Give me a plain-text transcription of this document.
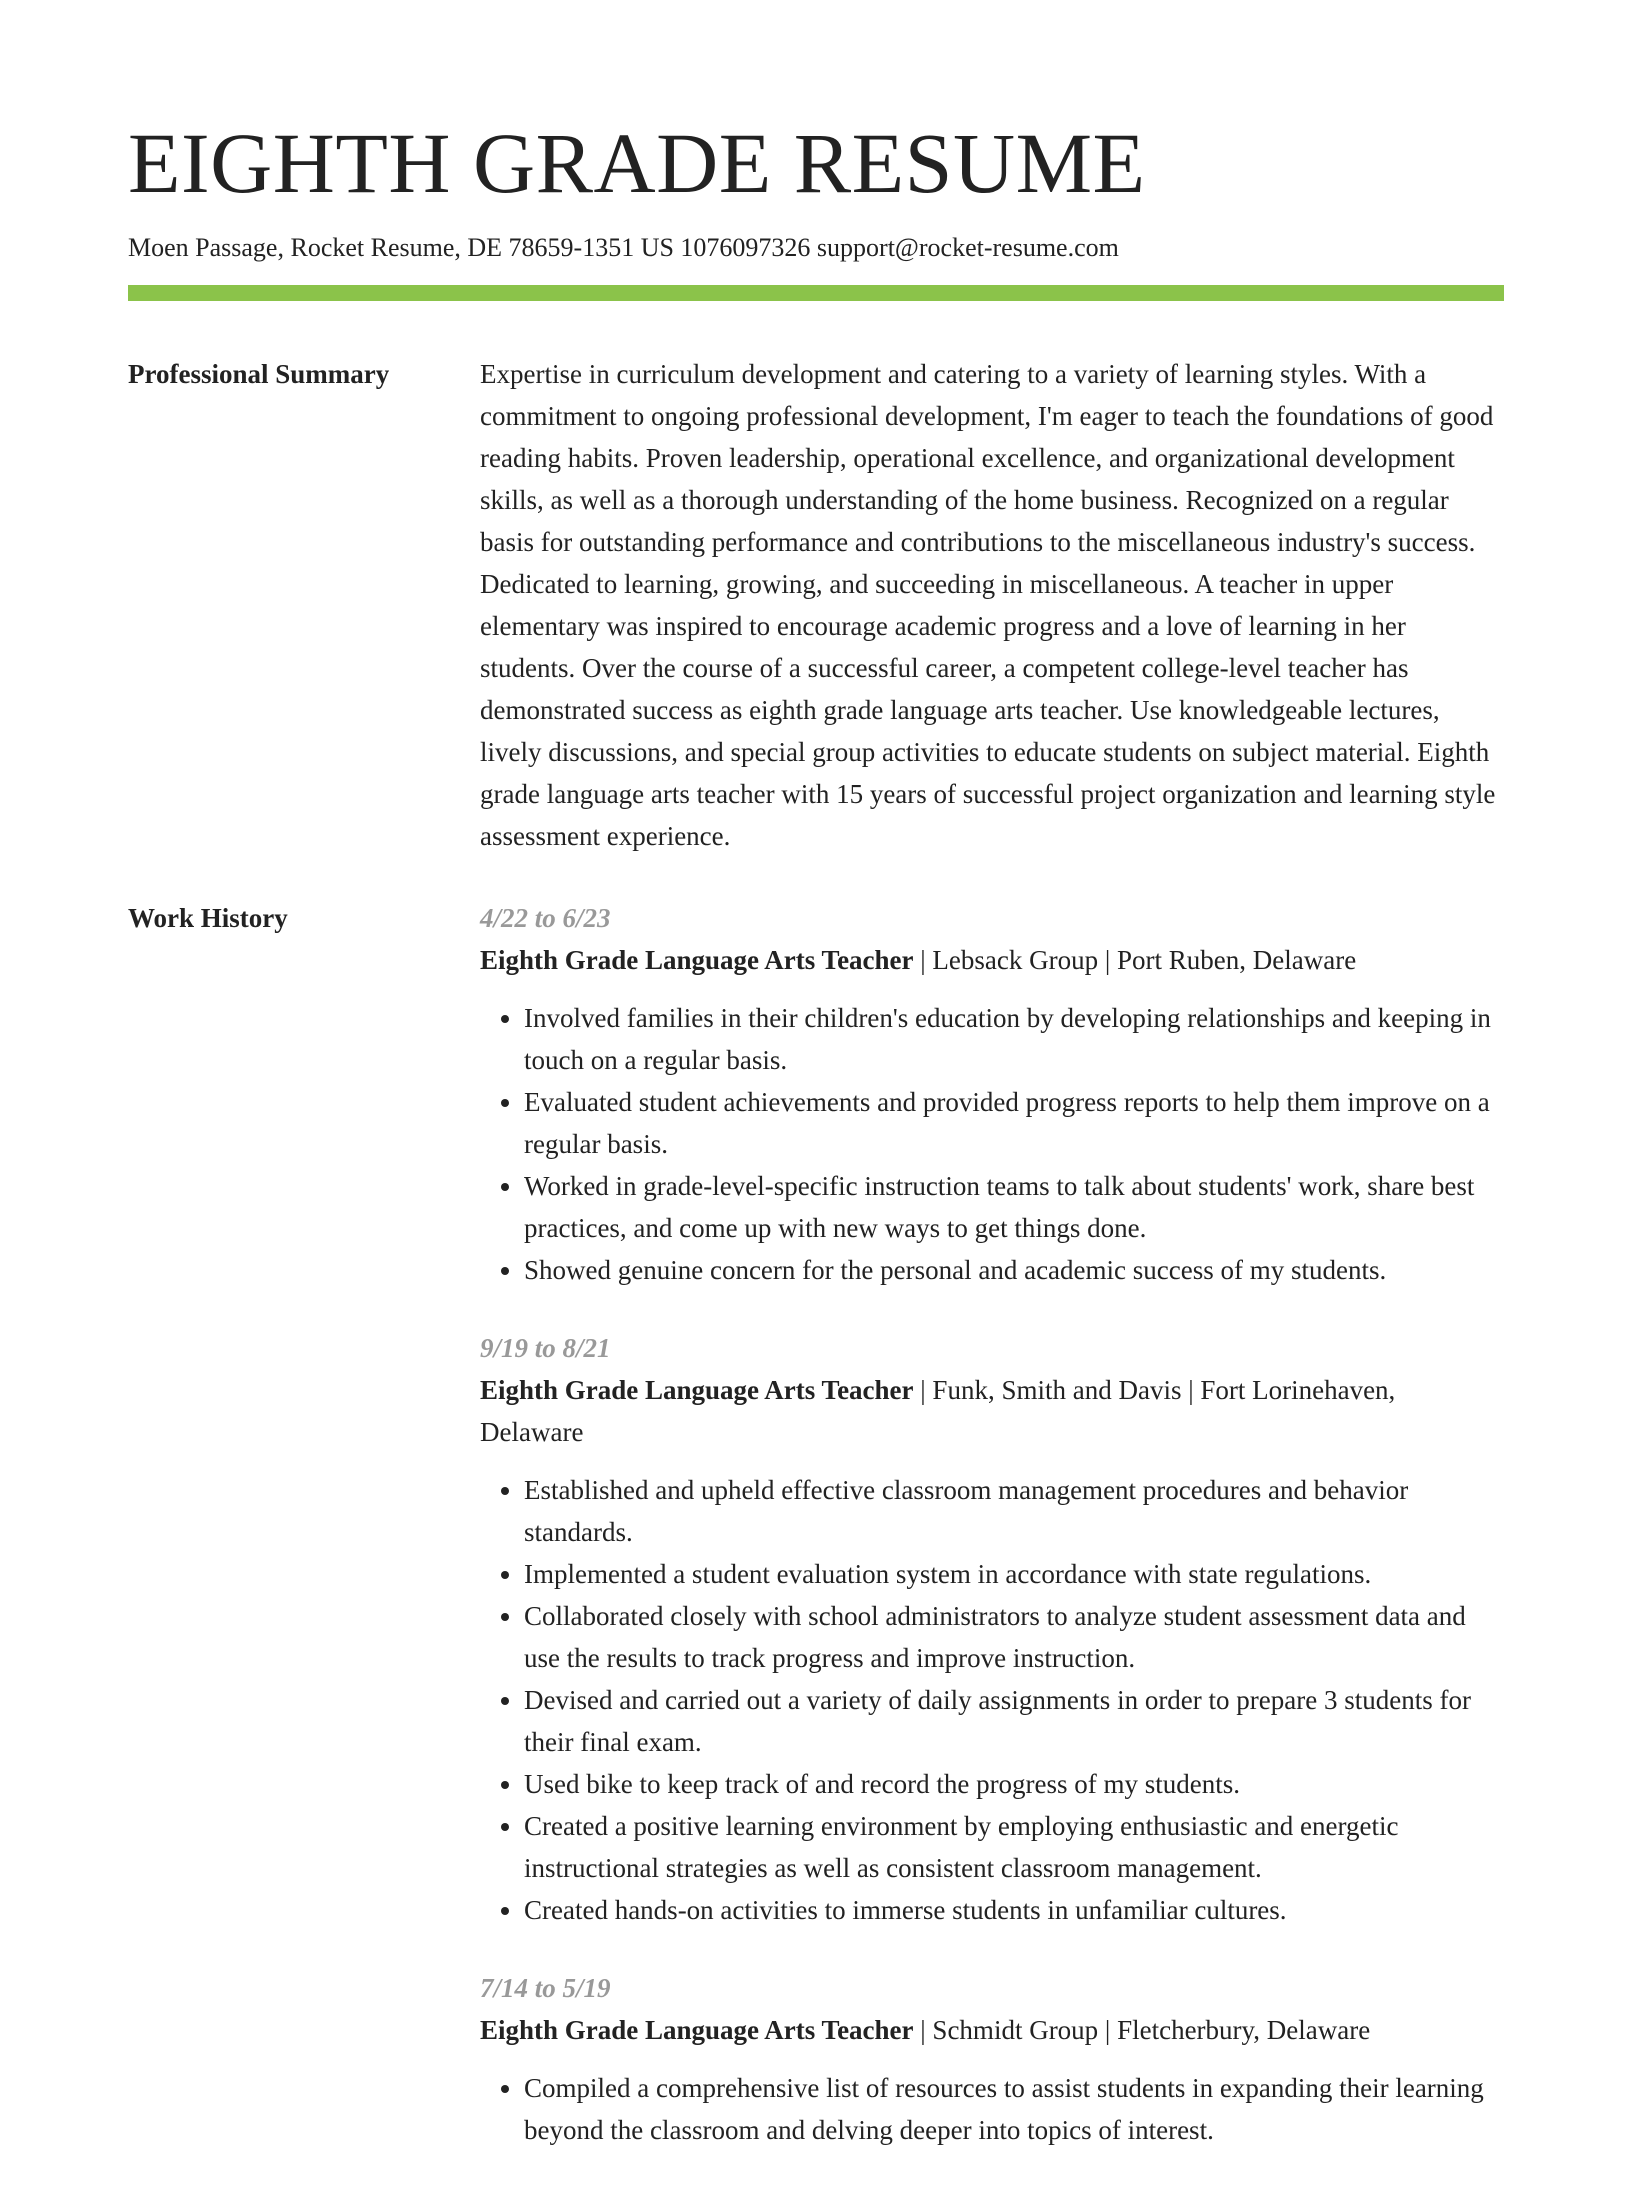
EIGHTH GRADE RESUME
Moen Passage, Rocket Resume, DE 78659-1351 US 1076097326 support@rocket-resume.com
Professional Summary	Expertise in curriculum development and catering to a variety of learning styles. With a commitment to ongoing professional development, I'm eager to teach the foundations of good reading habits. Proven leadership, operational excellence, and organizational development skills, as well as a thorough understanding of the home business. Recognized on a regular basis for outstanding performance and contributions to the miscellaneous industry's success. Dedicated to learning, growing, and succeeding in miscellaneous. A teacher in upper elementary was inspired to encourage academic progress and a love of learning in her students. Over the course of a successful career, a competent college-level teacher has demonstrated success as eighth grade language arts teacher. Use knowledgeable lectures, lively discussions, and special group activities to educate students on subject material. Eighth grade language arts teacher with 15 years of successful project organization and learning style assessment experience.

Work History	4/22 to 6/23
Eighth Grade Language Arts Teacher | Lebsack Group | Port Ruben, Delaware
• Involved families in their children's education by developing relationships and keeping in touch on a regular basis.
• Evaluated student achievements and provided progress reports to help them improve on a regular basis.
• Worked in grade-level-specific instruction teams to talk about students' work, share best practices, and come up with new ways to get things done.
• Showed genuine concern for the personal and academic success of my students.
9/19 to 8/21
Eighth Grade Language Arts Teacher | Funk, Smith and Davis | Fort Lorinehaven, Delaware
• Established and upheld effective classroom management procedures and behavior standards.
• Implemented a student evaluation system in accordance with state regulations.
• Collaborated closely with school administrators to analyze student assessment data and use the results to track progress and improve instruction.
• Devised and carried out a variety of daily assignments in order to prepare 3 students for their final exam.
• Used bike to keep track of and record the progress of my students.
• Created a positive learning environment by employing enthusiastic and energetic instructional strategies as well as consistent classroom management.
• Created hands-on activities to immerse students in unfamiliar cultures.
7/14 to 5/19
Eighth Grade Language Arts Teacher | Schmidt Group | Fletcherbury, Delaware
• Compiled a comprehensive list of resources to assist students in expanding their learning beyond the classroom and delving deeper into topics of interest.
